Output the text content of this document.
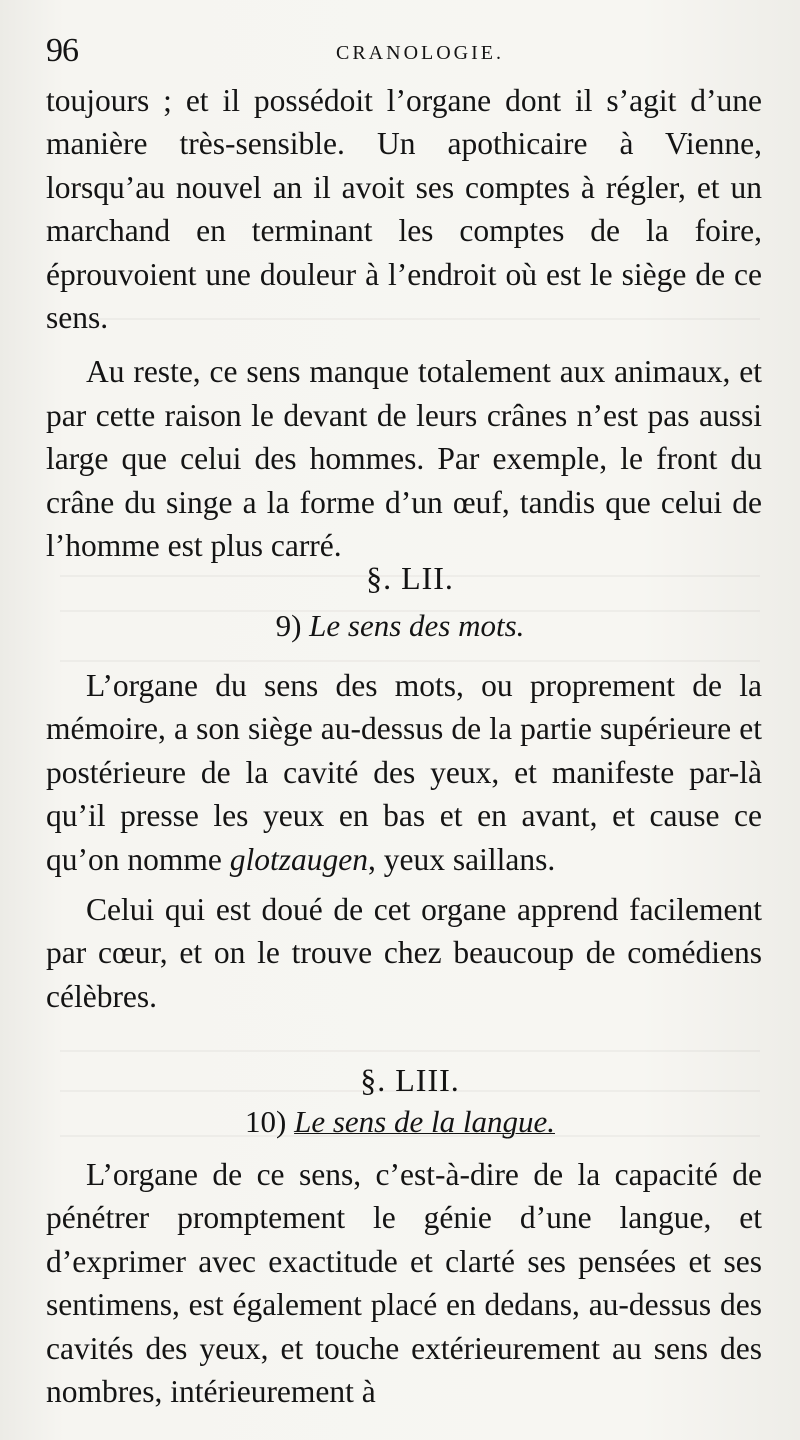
96	CRANOLOGIE.

toujours ; et il possédoit l’organe dont il s’agit d’une manière très-sensible. Un apothicaire à Vienne, lorsqu’au nouvel an il avoit ses comptes à régler, et un marchand en terminant les comptes de la foire, éprouvoient une douleur à l’endroit où est le siège de ce sens.

Au reste, ce sens manque totalement aux animaux, et par cette raison le devant de leurs crânes n’est pas aussi large que celui des hommes. Par exemple, le front du crâne du singe a la forme d’un œuf, tandis que celui de l’homme est plus carré.

§. LII.
9) Le sens des mots.

L’organe du sens des mots, ou proprement de la mémoire, a son siège au-dessus de la partie supérieure et postérieure de la cavité des yeux, et manifeste par-là qu’il presse les yeux en bas et en avant, et cause ce qu’on nomme glotzaugen, yeux saillans.

Celui qui est doué de cet organe apprend facilement par cœur, et on le trouve chez beaucoup de comédiens célèbres.

§. LIII.
10) Le sens de la langue.

L’organe de ce sens, c’est-à-dire de la capacité de pénétrer promptement le génie d’une langue, et d’exprimer avec exactitude et clarté ses pensées et ses sentimens, est également placé en dedans, au-dessus des cavités des yeux, et touche extérieurement au sens des nombres, intérieurement à
